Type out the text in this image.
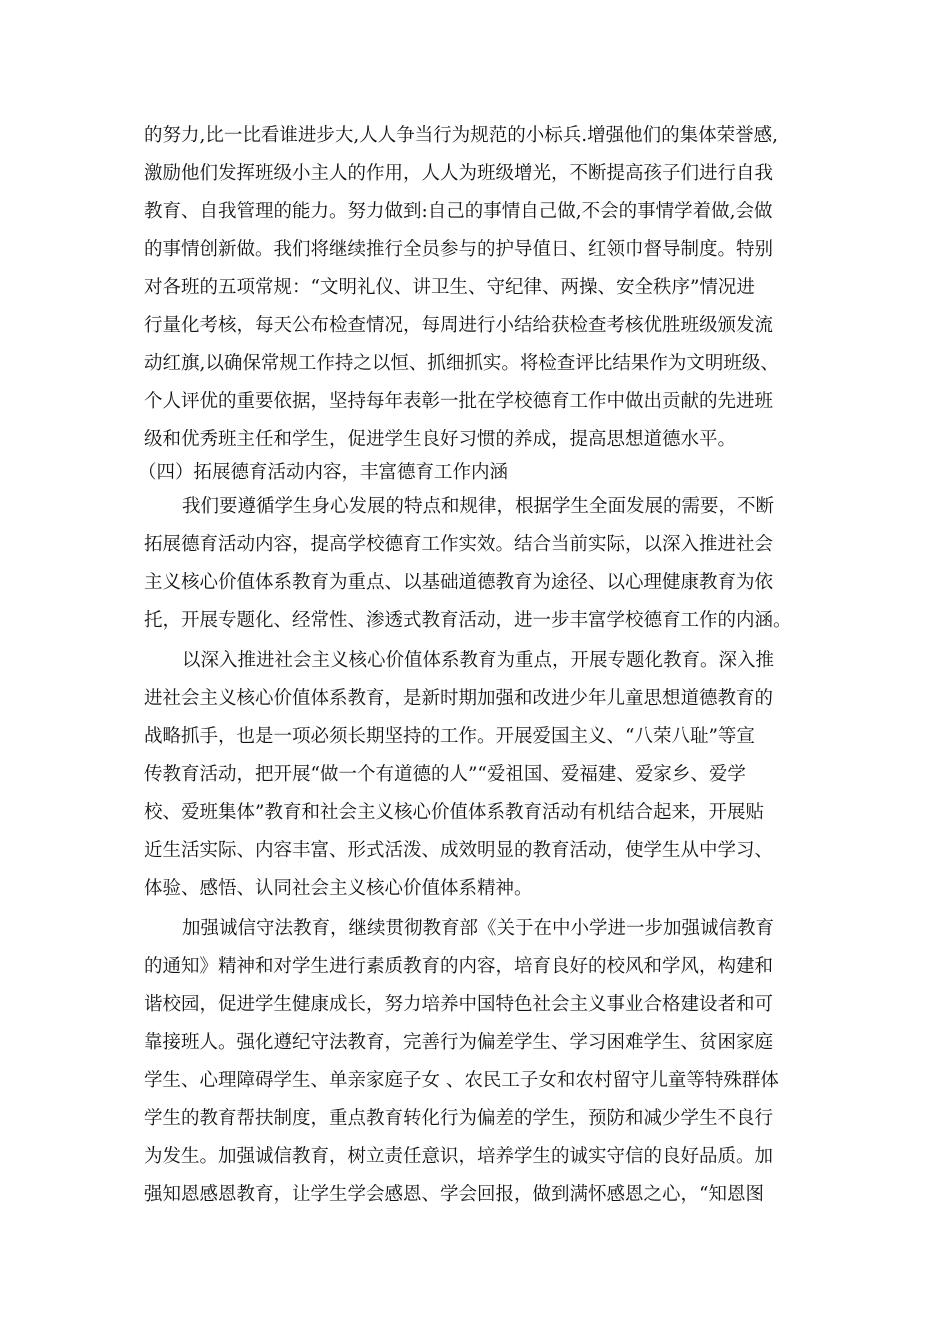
的努力,比一比看谁进步大,人人争当行为规范的小标兵.增强他们的集体荣誉感,
激励他们发挥班级小主人的作用，人人为班级增光，不断提高孩子们进行自我
教育、自我管理的能力。努力做到:自己的事情自己做,不会的事情学着做,会做
的事情创新做。我们将继续推行全员参与的护导值日、红领巾督导制度。特别
对各班的五项常规：“文明礼仪、讲卫生、守纪律、两操、安全秩序”情况进
行量化考核，每天公布检查情况，每周进行小结给获检查考核优胜班级颁发流
动红旗,以确保常规工作持之以恒、抓细抓实。将检查评比结果作为文明班级、
个人评优的重要依据，坚持每年表彰一批在学校德育工作中做出贡献的先进班
级和优秀班主任和学生，促进学生良好习惯的养成，提高思想道德水平。
（四）拓展德育活动内容，丰富德育工作内涵
我们要遵循学生身心发展的特点和规律，根据学生全面发展的需要，不断
拓展德育活动内容，提高学校德育工作实效。结合当前实际，以深入推进社会
主义核心价值体系教育为重点、以基础道德教育为途径、以心理健康教育为依
托，开展专题化、经常性、渗透式教育活动，进一步丰富学校德育工作的内涵。
以深入推进社会主义核心价值体系教育为重点，开展专题化教育。深入推
进社会主义核心价值体系教育，是新时期加强和改进少年儿童思想道德教育的
战略抓手，也是一项必须长期坚持的工作。开展爱国主义、“八荣八耻”等宣
传教育活动，把开展“做一个有道德的人”“爱祖国、爱福建、爱家乡、爱学
校、爱班集体”教育和社会主义核心价值体系教育活动有机结合起来，开展贴
近生活实际、内容丰富、形式活泼、成效明显的教育活动，使学生从中学习、
体验、感悟、认同社会主义核心价值体系精神。
加强诚信守法教育，继续贯彻教育部《关于在中小学进一步加强诚信教育
的通知》精神和对学生进行素质教育的内容，培育良好的校风和学风，构建和
谐校园，促进学生健康成长，努力培养中国特色社会主义事业合格建设者和可
靠接班人。强化遵纪守法教育，完善行为偏差学生、学习困难学生、贫困家庭
学生、心理障碍学生、单亲家庭子女 、农民工子女和农村留守儿童等特殊群体
学生的教育帮扶制度，重点教育转化行为偏差的学生，预防和减少学生不良行
为发生。加强诚信教育，树立责任意识，培养学生的诚实守信的良好品质。加
强知恩感恩教育，让学生学会感恩、学会回报，做到满怀感恩之心，“知恩图
